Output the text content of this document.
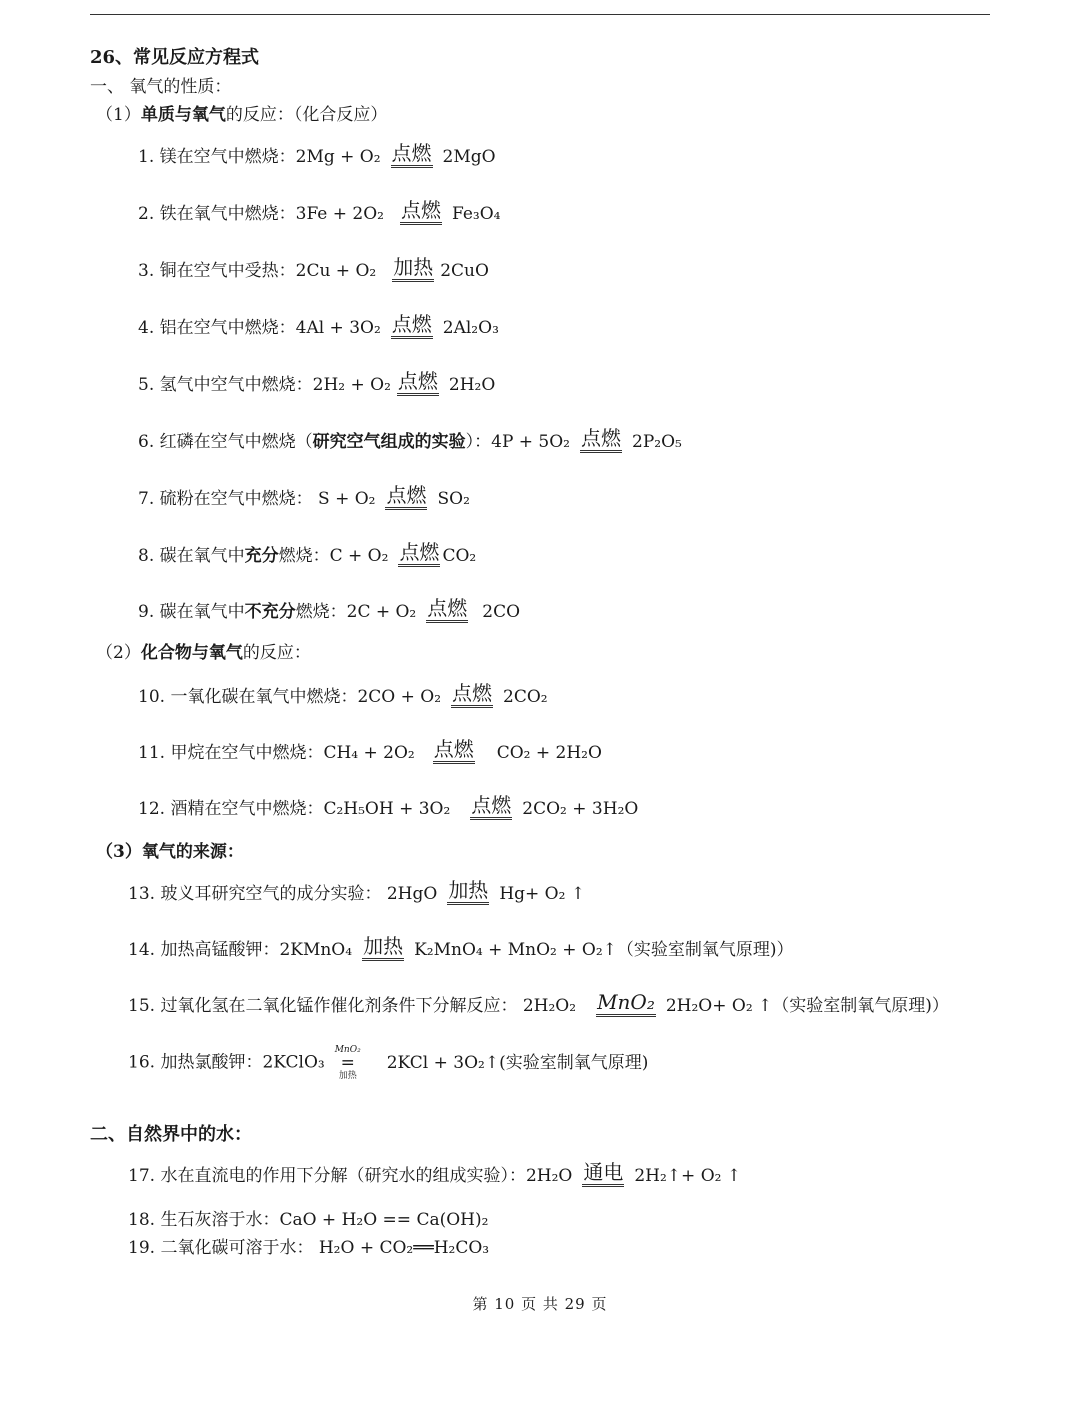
26、常见反应方程式
一、 氧气的性质：
（1）单质与氧气的反应：（化合反应）
1. 镁在空气中燃烧：2Mg + O₂ 点燃 2MgO
2. 铁在氧气中燃烧：3Fe + 2O₂ 点燃 Fe₃O₄
3. 铜在空气中受热：2Cu + O₂ 加热 2CuO
4. 铝在空气中燃烧：4Al + 3O₂ 点燃 2Al₂O₃
5. 氢气中空气中燃烧：2H₂ + O₂ 点燃 2H₂O
6. 红磷在空气中燃烧（研究空气组成的实验）：4P + 5O₂ 点燃 2P₂O₅
7. 硫粉在空气中燃烧： S + O₂ 点燃 SO₂
8. 碳在氧气中充分燃烧：C + O₂ 点燃 CO₂
9. 碳在氧气中不充分燃烧：2C + O₂ 点燃 2CO
（2）化合物与氧气的反应：
10. 一氧化碳在氧气中燃烧：2CO + O₂ 点燃 2CO₂
11. 甲烷在空气中燃烧：CH₄ + 2O₂ 点燃 CO₂ + 2H₂O
12. 酒精在空气中燃烧：C₂H₅OH + 3O₂ 点燃 2CO₂ + 3H₂O
（3）氧气的来源：
13. 玻义耳研究空气的成分实验： 2HgO 加热 Hg+ O₂ ↑
14. 加热高锰酸钾：2KMnO₄ 加热 K₂MnO₄ + MnO₂ + O₂↑（实验室制氧气原理)）
15. 过氧化氢在二氧化锰作催化剂条件下分解反应： 2H₂O₂ MnO₂ 2H₂O+ O₂ ↑（实验室制氧气原理)）
16. 加热氯酸钾：2KClO₃
MnO₂
=
加热
2KCl + 3O₂↑(实验室制氧气原理)
二、自然界中的水：
17. 水在直流电的作用下分解（研究水的组成实验）：2H₂O 通电 2H₂↑+ O₂ ↑
18. 生石灰溶于水：CaO + H₂O == Ca(OH)₂
19. 二氧化碳可溶于水： H₂O + CO₂══H₂CO₃
第 10 页 共 29 页
